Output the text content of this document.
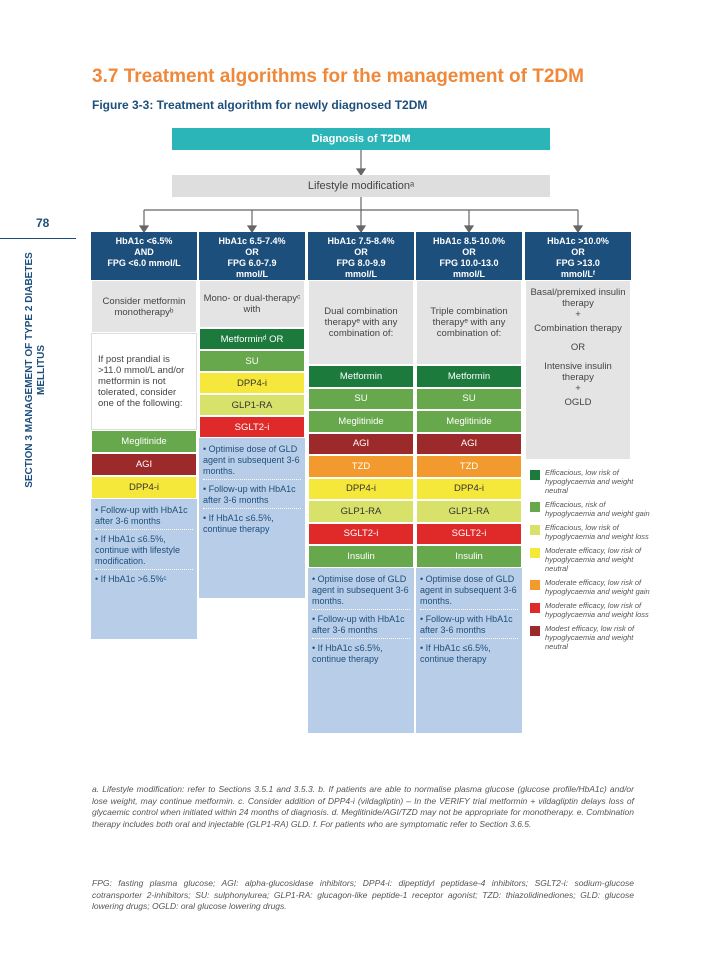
3.7 Treatment algorithms for the management of T2DM
Figure 3-3: Treatment algorithm for newly diagnosed T2DM
78
SECTION 3 MANAGEMENT OF TYPE 2 DIABETES MELLITUS
Diagnosis of T2DM
Lifestyle modificationᵃ
HbA1c <6.5%
AND
FPG <6.0 mmol/L
Consider metformin monotherapyᵇ
If post prandial is >11.0 mmol/L and/or metformin is not tolerated, consider one of the following:
Meglitinide
AGI
DPP4-i
• Follow-up with HbA1c after 3-6 months
• If HbA1c ≤6.5%, continue with lifestyle modification.
• If HbA1c >6.5%ᶜ
HbA1c 6.5-7.4%
OR
FPG 6.0-7.9
mmol/L
Mono- or dual-therapyᶜ with
Metforminᵈ OR
SU
DPP4-i
GLP1-RA
SGLT2-i
• Optimise dose of GLD agent in subsequent 3-6 months.
• Follow-up with HbA1c after 3-6 months
• If HbA1c ≤6.5%, continue therapy
HbA1c 7.5-8.4%
OR
FPG 8.0-9.9
mmol/L
Dual combination therapyᵉ with any combination of:
Metformin
SU
Meglitinide
AGI
TZD
DPP4-i
GLP1-RA
SGLT2-i
Insulin
• Optimise dose of GLD agent in subsequent 3-6 months.
• Follow-up with HbA1c after 3-6 months
• If HbA1c ≤6.5%, continue therapy
HbA1c 8.5-10.0%
OR
FPG 10.0-13.0
mmol/L
Triple combination therapyᵉ with any combination of:
Metformin
SU
Meglitinide
AGI
TZD
DPP4-i
GLP1-RA
SGLT2-i
Insulin
• Optimise dose of GLD agent in subsequent 3-6 months.
• Follow-up with HbA1c after 3-6 months
• If HbA1c ≤6.5%, continue therapy
HbA1c >10.0%
OR
FPG >13.0
mmol/Lᶠ
Basal/premixed insulin therapy
+
Combination therapy
OR
Intensive insulin therapy
+
OGLD
Efficacious, low risk of hypoglycaemia and weight neutral
Efficacious, risk of hypoglycaemia and weight gain
Efficacious, low risk of hypoglycaemia and weight loss
Moderate efficacy, low risk of hypoglycaemia and weight neutral
Moderate efficacy, low risk of hypoglycaemia and weight gain
Moderate efficacy, low risk of hypoglycaemia and weight loss
Modest efficacy, low risk of hypoglycaemia and weight neutral
a. Lifestyle modification: refer to Sections 3.5.1 and 3.5.3. b. If patients are able to normalise plasma glucose (glucose profile/HbA1c) and/or lose weight, may continue metformin. c. Consider addition of DPP4-i (vildagliptin) – In the VERIFY trial metformin + vildagliptin delays loss of glycaemic control when initiated within 24 months of diagnosis. d. Meglitinide/AGI/TZD may not be appropriate for monotherapy. e. Combination therapy includes both oral and injectable (GLP1-RA) GLD. f. For patients who are symptomatic refer to Section 3.6.5.
FPG: fasting plasma glucose; AGI: alpha-glucosidase inhibitors; DPP4-i: dipeptidyl peptidase-4 inhibitors; SGLT2-i: sodium-glucose cotransporter 2-inhibitors; SU: sulphonylurea; GLP1-RA: glucagon-like peptide-1 receptor agonist; TZD: thiazolidinediones; GLD: glucose lowering drugs; OGLD: oral glucose lowering drugs.
